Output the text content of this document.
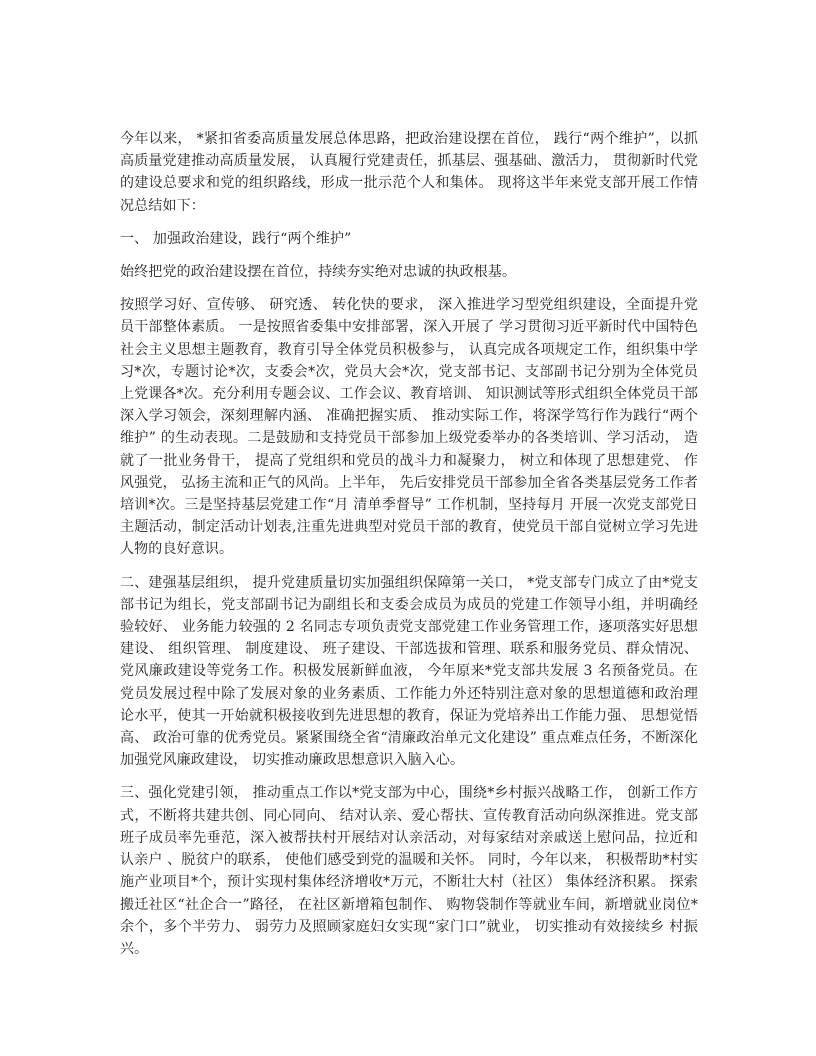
今年以来， *紧扣省委高质量发展总体思路，把政治建设摆在首位， 践行“两个维护”，以抓高质量党建推动高质量发展， 认真履行党建责任，抓基层、强基础、激活力， 贯彻新时代党的建设总要求和党的组织路线，形成一批示范个人和集体。 现将这半年来党支部开展工作情况总结如下：

一、 加强政治建设，践行“两个维护”

始终把党的政治建设摆在首位，持续夯实绝对忠诚的执政根基。

按照学习好、宣传够、 研究透、 转化快的要求， 深入推进学习型党组织建设，全面提升党员干部整体素质。 一是按照省委集中安排部署，深入开展了 学习贯彻习近平新时代中国特色社会主义思想主题教育，教育引导全体党员积极参与， 认真完成各项规定工作，组织集中学习*次，专题讨论*次，支委会*次，党员大会*次，党支部书记、支部副书记分别为全体党员上党课各*次。充分利用专题会议、工作会议、教育培训、 知识测试等形式组织全体党员干部深入学习领会，深刻理解内涵、 准确把握实质、 推动实际工作，将深学笃行作为践行“两个维护” 的生动表现。二是鼓励和支持党员干部参加上级党委举办的各类培训、学习活动， 造就了一批业务骨干， 提高了党组织和党员的战斗力和凝聚力， 树立和体现了思想建党、 作风强党， 弘扬主流和正气的风尚。上半年， 先后安排党员干部参加全省各类基层党务工作者培训*次。三是坚持基层党建工作“月 清单季督导” 工作机制，坚持每月 开展一次党支部党日主题活动，制定活动计划表,注重先进典型对党员干部的教育，使党员干部自觉树立学习先进人物的良好意识。

二、建强基层组织， 提升党建质量切实加强组织保障第一关口， *党支部专门成立了由*党支部书记为组长，党支部副书记为副组长和支委会成员为成员的党建工作领导小组，并明确经验较好、 业务能力较强的 2 名同志专项负责党支部党建工作业务管理工作，逐项落实好思想建设、 组织管理、 制度建设、 班子建设、干部选拔和管理、联系和服务党员、群众情况、党风廉政建设等党务工作。积极发展新鲜血液， 今年原来*党支部共发展 3 名预备党员。在党员发展过程中除了发展对象的业务素质、工作能力外还特别注意对象的思想道德和政治理论水平，使其一开始就积极接收到先进思想的教育，保证为党培养出工作能力强、 思想觉悟高、 政治可靠的优秀党员。紧紧围绕全省“清廉政治单元文化建设” 重点难点任务，不断深化加强党风廉政建设， 切实推动廉政思想意识入脑入心。

三、强化党建引领， 推动重点工作以*党支部为中心，围绕*乡村振兴战略工作， 创新工作方式，不断将共建共创、同心同向、 结对认亲、爱心帮扶、宣传教育活动向纵深推进。党支部班子成员率先垂范，深入被帮扶村开展结对认亲活动，对每家结对亲戚送上慰问品，拉近和认亲户 、脱贫户的联系， 使他们感受到党的温暖和关怀。 同时，今年以来， 积极帮助*村实施产业项目*个，预计实现村集体经济增收*万元，不断壮大村（社区） 集体经济积累。 探索搬迁社区“社企合一”路径， 在社区新增箱包制作、 购物袋制作等就业车间，新增就业岗位*余个，多个半劳力、 弱劳力及照顾家庭妇女实现“家门口”就业， 切实推动有效接续乡 村振兴。
